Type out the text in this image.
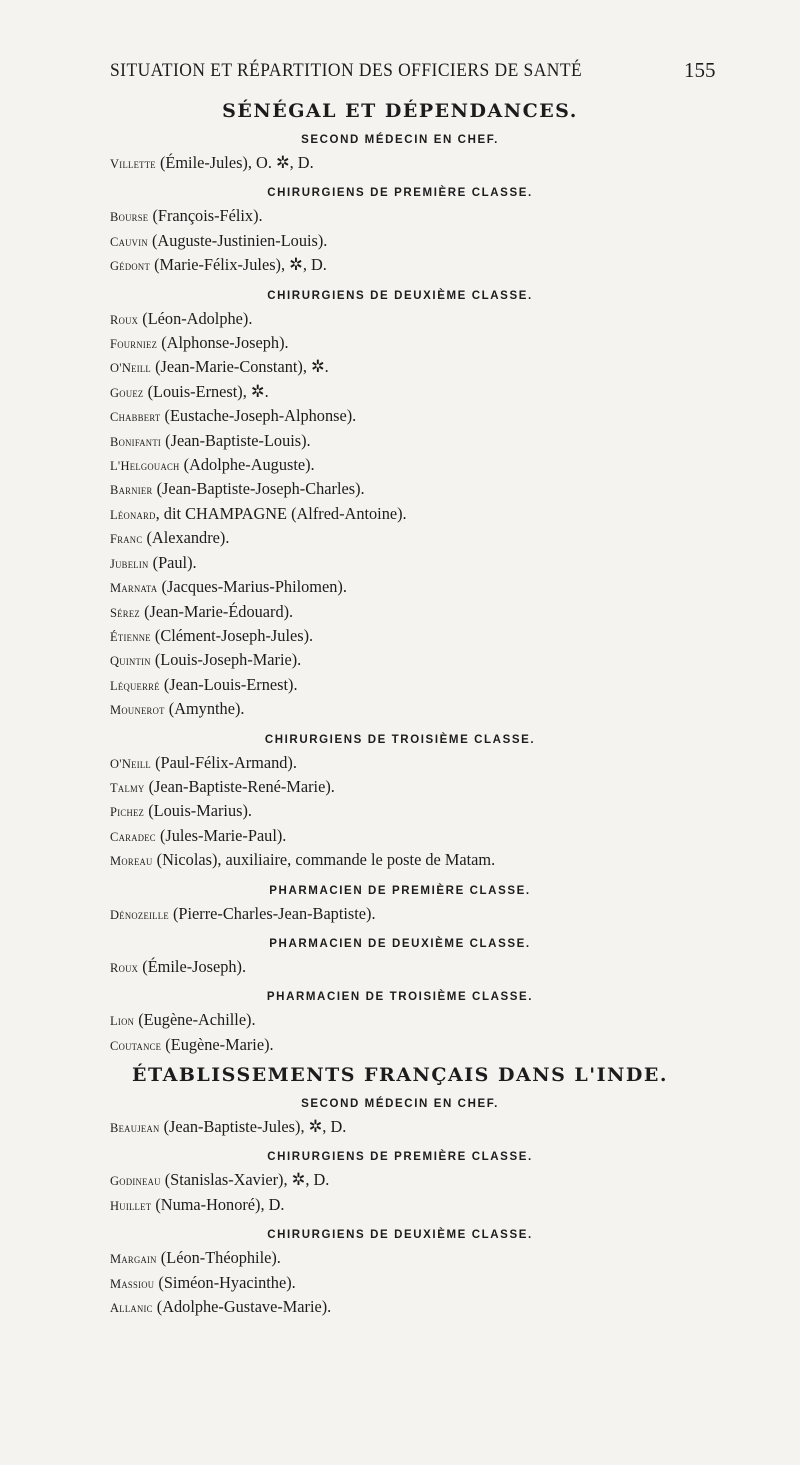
SITUATION ET RÉPARTITION DES OFFICIERS DE SANTÉ	155
SÉNÉGAL ET DÉPENDANCES.
SECOND MÉDECIN EN CHEF.
Villette (Émile-Jules), O. ✲, D.
CHIRURGIENS DE PREMIÈRE CLASSE.
Bourse (François-Félix).
Cauvin (Auguste-Justinien-Louis).
Gédont (Marie-Félix-Jules), ✲, D.
CHIRURGIENS DE DEUXIÈME CLASSE.
Roux (Léon-Adolphe).
Fourniez (Alphonse-Joseph).
O'Neill (Jean-Marie-Constant), ✲.
Gouez (Louis-Ernest), ✲.
Chabbert (Eustache-Joseph-Alphonse).
Bonifanti (Jean-Baptiste-Louis).
L'Helgouach (Adolphe-Auguste).
Barnier (Jean-Baptiste-Joseph-Charles).
Léonard, dit CHAMPAGNE (Alfred-Antoine).
Franc (Alexandre).
Jubelin (Paul).
Marnata (Jacques-Marius-Philomen).
Sérez (Jean-Marie-Édouard).
Étienne (Clément-Joseph-Jules).
Quintin (Louis-Joseph-Marie).
Léquerré (Jean-Louis-Ernest).
Mounerot (Amynthe).
CHIRURGIENS DE TROISIÈME CLASSE.
O'Neill (Paul-Félix-Armand).
Talmy (Jean-Baptiste-René-Marie).
Pichez (Louis-Marius).
Caradec (Jules-Marie-Paul).
Moreau (Nicolas), auxiliaire, commande le poste de Matam.
PHARMACIEN DE PREMIÈRE CLASSE.
Dénozeille (Pierre-Charles-Jean-Baptiste).
PHARMACIEN DE DEUXIÈME CLASSE.
Roux (Émile-Joseph).
PHARMACIEN DE TROISIÈME CLASSE.
Lion (Eugène-Achille).
Coutance (Eugène-Marie).
ÉTABLISSEMENTS FRANÇAIS DANS L'INDE.
SECOND MÉDECIN EN CHEF.
Beaujean (Jean-Baptiste-Jules), ✲, D.
CHIRURGIENS DE PREMIÈRE CLASSE.
Godineau (Stanislas-Xavier), ✲, D.
Huillet (Numa-Honoré), D.
CHIRURGIENS DE DEUXIÈME CLASSE.
Margain (Léon-Théophile).
Massiou (Siméon-Hyacinthe).
Allanic (Adolphe-Gustave-Marie).
